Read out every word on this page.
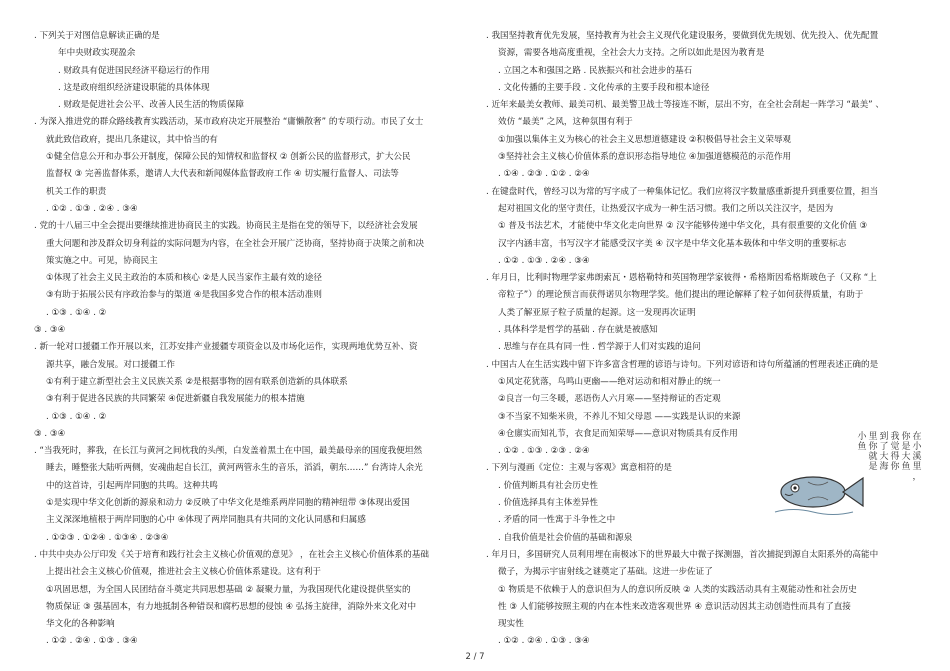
. 下列关于对图信息解读正确的是
年中央财政实现盈余
. 财政具有促进国民经济平稳运行的作用
. 这是政府组织经济建设职能的具体体现
. 财政是促进社会公平、改善人民生活的物质保障
. 为深入推进党的群众路线教育实践活动，某市政府决定开展整治 “庸懒散奢” 的专项行动。市民了女士
就此致信政府，提出几条建议，其中恰当的有
①健全信息公开和办事公开制度，保障公民的知情权和监督权 ② 创新公民的监督形式，扩大公民
监督权 ③ 完善监督体系，邀请人大代表和新闻媒体监督政府工作 ④ 切实履行监督人、司法等
机关工作的职责
. ①② . ①③ . ②④ . ③④
. 党的十八届三中全会提出要继续推进协商民主的实践。协商民主是指在党的领导下，以经济社会发展
重大问题和涉及群众切身利益的实际问题为内容，在全社会开展广泛协商，坚持协商于决策之前和决
策实施之中。可见，协商民主
①体现了社会主义民主政治的本质和核心 ②是人民当家作主最有效的途径
③有助于拓展公民有序政治参与的渠道 ④是我国多党合作的根本活动准则
. ①③ . ①④ . ②
③ . ③④
. 新一轮对口援疆工作开展以来，江苏安排产业援疆专项资金以及市场化运作，实现两地优势互补、资
源共享，融合发展。对口援疆工作
①有利于建立新型社会主义民族关系 ②是根据事物的固有联系创造新的具体联系
③有利于促进各民族的共同繁荣 ④促进新疆自我发展能力的根本措施
. ①③ . ①④ . ②
③ . ③④
. “当我死时，葬我，在长江与黄河之间枕我的头颅，白发盖着黑土在中国，最美最母亲的国度我便坦然
睡去，睡整张大陆听两侧，安魂曲起自长江，黄河两管永生的音乐，滔滔，朝东……” 台湾诗人余光
中的这首诗，引起两岸同胞的共鸣。这种共鸣
①是实现中华文化创新的源泉和动力 ②反映了中华文化是维系两岸同胞的精神纽带 ③体现出爱国
主义深深地植根于两岸同胞的心中 ④体现了两岸同胞具有共同的文化认同感和归属感
. ①②③ . ①②④ . ①③④ . ②③④
. 中共中央办公厅印发《关于培育和践行社会主义核心价值观的意见》 ，在社会主义核心价值体系的基础
上提出社会主义核心价值观，推进社会主义核心价值体系建设。这有利于
①巩固思想，为全国人民团结奋斗奠定共同思想基础 ② 凝聚力量，为我国现代化建设提供坚实的
物质保证 ③ 强基固本，有力地抵制各种错误和腐朽思想的侵蚀 ④ 弘扬主旋律，消除外来文化对中
华文化的各种影响
. ①② . ②④ . ①③ . ③④
. 我国坚持教育优先发展，坚持教育为社会主义现代化建设服务，要做到优先规划、优先投入、优先配置
资源，需要各地高度重视，全社会大力支持。之所以如此是因为教育是
. 立国之本和强国之路 . 民族振兴和社会进步的基石
. 文化传播的主要手段 . 文化传承的主要手段和根本途径
. 近年来最美女教师、最美司机、最美警卫战士等接连不断，层出不穷，在全社会刮起一阵学习 “最美” 、
效仿 “最美” 之风，这种氛围有利于
①加强以集体主义为核心的社会主义思想道德建设 ②积极倡导社会主义荣辱观
③坚持社会主义核心价值体系的意识形态指导地位 ④加强道德模范的示范作用
. ①④ . ②③ . ①② . ②④
. 在键盘时代，曾经习以为常的写字成了一种集体记忆。我们应将汉字数量感重新提升到重要位置，担当
起对祖国文化的坚守责任，让热爱汉字成为一种生活习惯。我们之所以关注汉字，是因为
① 普及书法艺术，才能使中华文化走向世界 ② 汉字能够传递中华文化，具有很重要的文化价值 ③
汉字内涵丰富，书写汉字才能感受汉字美 ④ 汉字是中华文化基本载体和中华文明的重要标志
. ①② . ①③ . ②④ . ③④
. 年月日，比利时物理学家弗朗索瓦・恩格勒特和英国物理学家彼得・希格斯因希格斯玻色子（又称 “上
帝粒子”）的理论预言而获得诺贝尔物理学奖。他们提出的理论解释了粒子如何获得质量，有助于
人类了解亚原子粒子质量的起源。这一发现再次证明
. 具体科学是哲学的基础 . 存在就是被感知
. 思维与存在具有同一性 . 哲学源于人们对实践的追问
. 中国古人在生活实践中留下许多富含哲理的谚语与诗句。下列对谚语和诗句所蕴涵的哲理表述正确的是
①风定花犹落，鸟鸣山更幽——绝对运动和相对静止的统一
②良言一句三冬暖，恶语伤人六月寒——坚持辩证的否定观
③不当家不知柴米贵，不养儿不知父母恩 ——实践是认识的来源
④仓廪实而知礼节，衣食足而知荣辱——意识对物质具有反作用
. ①② . ①③ . ②③ . ②④
. 下列与漫画《定位：主观与客观》寓意相符的是
. 价值判断具有社会历史性
. 价值选择具有主体差异性
. 矛盾的同一性寓于斗争性之中
. 自我价值是社会价值的基础和源泉
. 年月日，多国研究人员利用埋在南极冰下的世界最大中微子探测器，首次捕捉到源自太阳系外的高能中
微子，为揭示宇宙射线之谜奠定了基础。这进一步佐证了
① 物质是不依赖于人的意识但为人的意识所反映 ② 人类的实践活动具有主观能动性和社会历史
性 ③ 人们能够按照主观的内在本性来改造客观世界 ④ 意识活动因其主动创造性而具有了直接
现实性
. ①② . ②④ . ①③ . ③④
在小溪里，
你是大鱼
我觉得你
到了大海
里你就是
小鱼
2 / 7
